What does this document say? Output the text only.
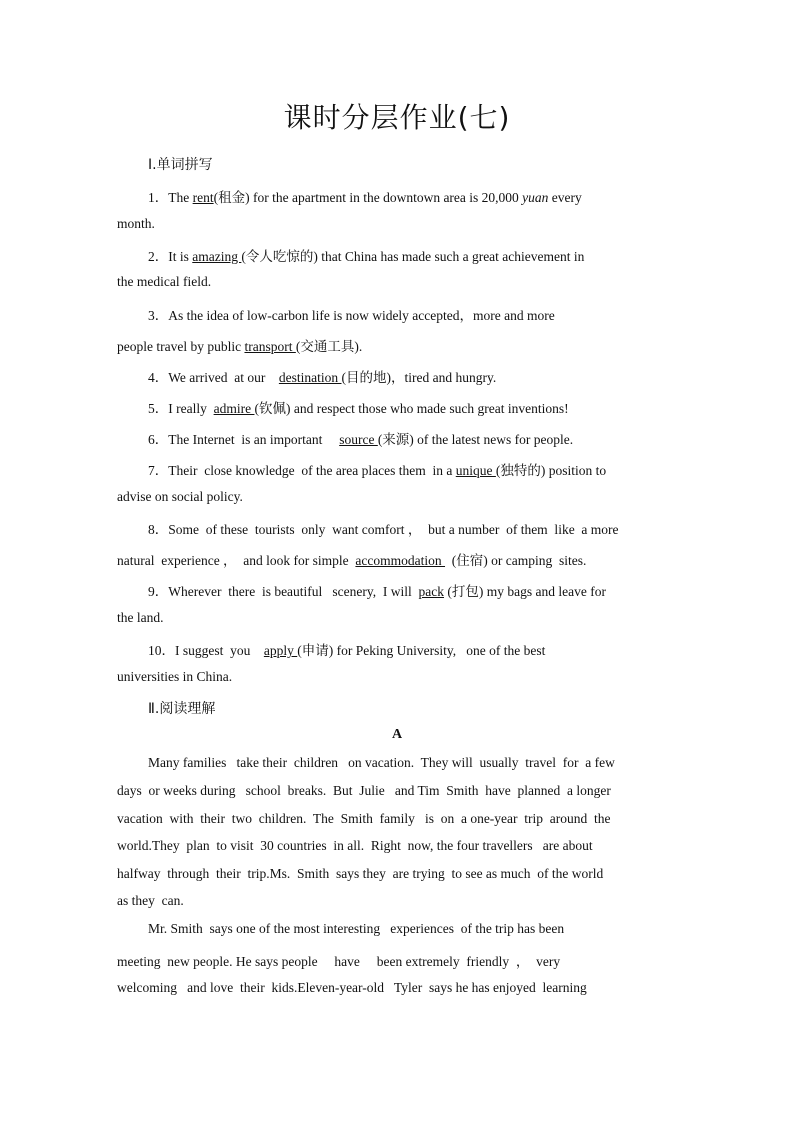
课时分层作业(七)
Ⅰ.单词拼写
1．The rent(租金) for the apartment in the downtown area is 20,000 yuan every
month.
2．It is amazing (令人吃惊的) that China has made such a great achievement in
the medical field.
3．As the idea of low-carbon life is now widely accepted，more and more
people travel by public transport (交通工具).
4．We arrived  at our    destination (目的地)，tired and hungry.
5．I really  admire (钦佩) and respect those who made such great inventions!
6．The Internet  is an important     source (来源) of the latest news for people.
7．Their  close knowledge  of the area places them  in a unique (独特的) position to
advise on social policy.
8．Some  of these  tourists  only  want comfort ，  but a number  of them  like  a more
natural  experience ，  and look for simple  accommodation   (住宿) or camping  sites.
9．Wherever  there  is beautiful   scenery,  I will  pack (打包) my bags and leave for
the land.
10．I suggest  you    apply (申请) for Peking University,   one of the best
universities in China.
Ⅱ.阅读理解
A
Many families   take their  children   on vacation.  They will  usually  travel  for  a few
days  or weeks during   school  breaks.  But  Julie   and Tim  Smith  have  planned  a longer
vacation  with  their  two  children.  The  Smith  family   is  on  a one-year  trip  around  the
world.They  plan  to visit  30 countries  in all.  Right  now, the four travellers   are about
halfway  through  their  trip.Ms.  Smith  says they  are trying  to see as much  of the world
as they  can.
Mr. Smith  says one of the most interesting   experiences  of the trip has been
meeting  new people. He says people     have     been extremely  friendly  ，  very
welcoming   and love  their  kids.Eleven-year-old   Tyler  says he has enjoyed  learning
